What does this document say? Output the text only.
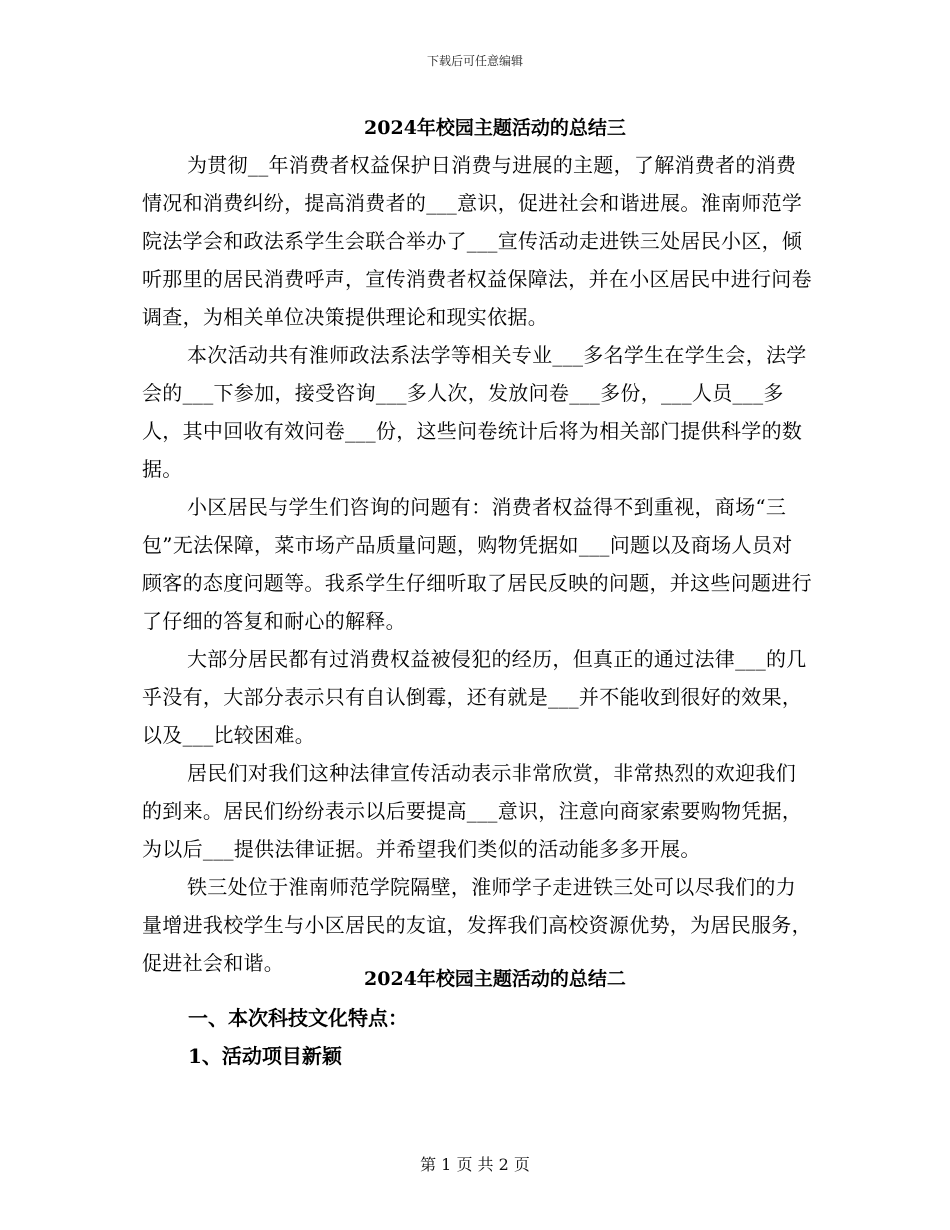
下载后可任意编辑
2024年校园主题活动的总结三

为贯彻__年消费者权益保护日消费与进展的主题，了解消费者的消费情况和消费纠纷，提高消费者的___意识，促进社会和谐进展。淮南师范学院法学会和政法系学生会联合举办了___宣传活动走进铁三处居民小区，倾听那里的居民消费呼声，宣传消费者权益保障法，并在小区居民中进行问卷调查，为相关单位决策提供理论和现实依据。

本次活动共有淮师政法系法学等相关专业___多名学生在学生会，法学会的___下参加，接受咨询___多人次，发放问卷___多份，___人员___多人，其中回收有效问卷___份，这些问卷统计后将为相关部门提供科学的数据。

小区居民与学生们咨询的问题有：消费者权益得不到重视，商场“三包”无法保障，菜市场产品质量问题，购物凭据如___问题以及商场人员对顾客的态度问题等。我系学生仔细听取了居民反映的问题，并这些问题进行了仔细的答复和耐心的解释。

大部分居民都有过消费权益被侵犯的经历，但真正的通过法律___的几乎没有，大部分表示只有自认倒霉，还有就是___并不能收到很好的效果，以及___比较困难。

居民们对我们这种法律宣传活动表示非常欣赏，非常热烈的欢迎我们的到来。居民们纷纷表示以后要提高___意识，注意向商家索要购物凭据，为以后___提供法律证据。并希望我们类似的活动能多多开展。

铁三处位于淮南师范学院隔壁，淮师学子走进铁三处可以尽我们的力量增进我校学生与小区居民的友谊，发挥我们高校资源优势，为居民服务，促进社会和谐。

2024年校园主题活动的总结二
一、本次科技文化特点：
1、活动项目新颖
第 1 页 共 2 页
